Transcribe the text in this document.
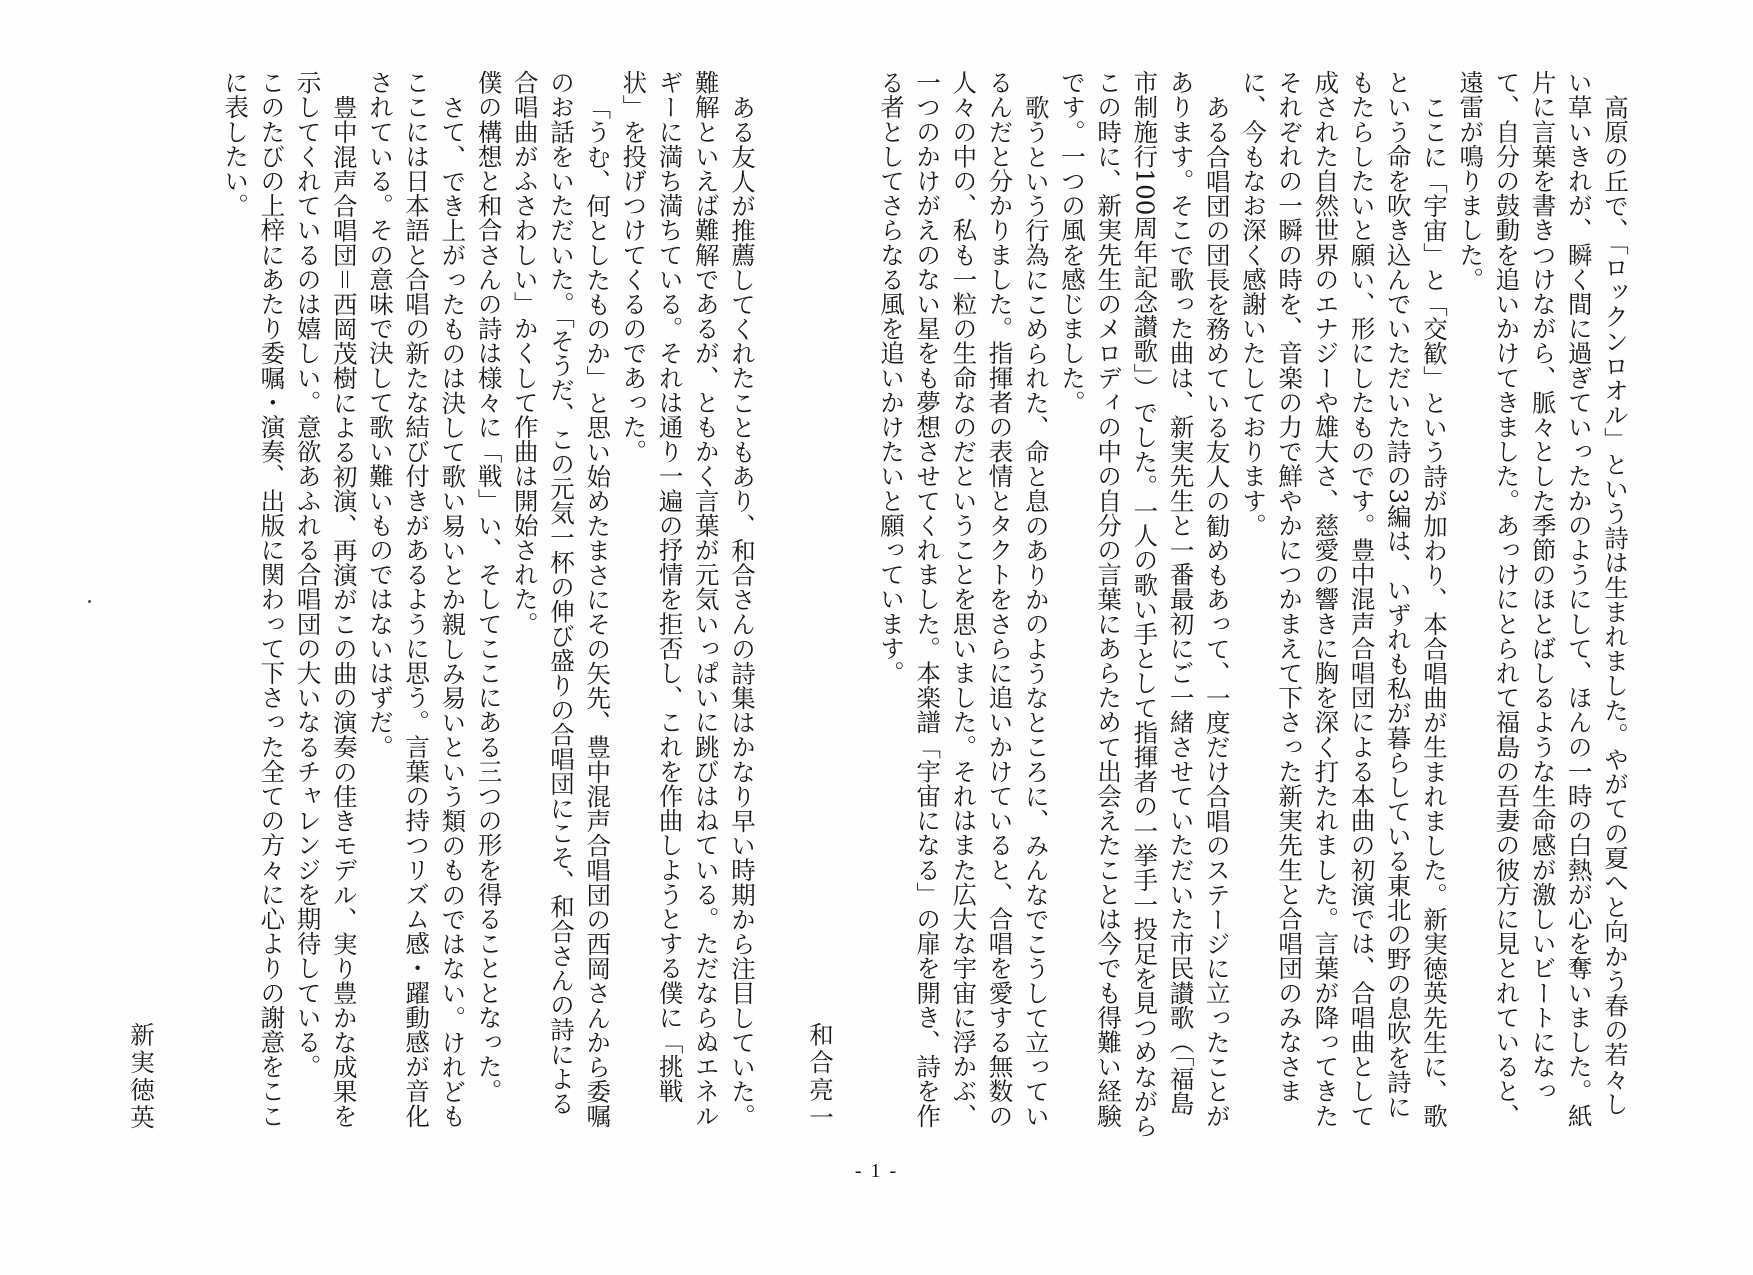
高原の丘で、「ロックンロオル」という詩は生まれました。やがての夏へと向かう春の若々しい草いきれが、瞬く間に過ぎていったかのようにして、ほんの一時の白熱が心を奪いました。紙片に言葉を書きつけながら、脈々とした季節のほとばしるような生命感が激しいビートになって、自分の鼓動を追いかけてきました。あっけにとられて福島の吾妻の彼方に見とれていると、遠雷が鳴りました。

ここに「宇宙」と「交歓」という詩が加わり、本合唱曲が生まれました。新実徳英先生に、歌という命を吹き込んでいただいた詩の3編は、いずれも私が暮らしている東北の野の息吹を詩にもたらしたいと願い、形にしたものです。豊中混声合唱団による本曲の初演では、合唱曲として成された自然世界のエナジーや雄大さ、慈愛の響きに胸を深く打たれました。言葉が降ってきたそれぞれの一瞬の時を、音楽の力で鮮やかにつかまえて下さった新実先生と合唱団のみなさまに、今もなお深く感謝いたしております。

ある合唱団の団長を務めている友人の勧めもあって、一度だけ合唱のステージに立ったことがあります。そこで歌った曲は、新実先生と一番最初にご一緒させていただいた市民讃歌（「福島市制施行100周年記念讃歌」）でした。一人の歌い手として指揮者の一挙手一投足を見つめながらこの時に、新実先生のメロディの中の自分の言葉にあらためて出会えたことは今でも得難い経験です。一つの風を感じました。

歌うという行為にこめられた、命と息のありかのようなところに、みんなでこうして立っているんだと分かりました。指揮者の表情とタクトをさらに追いかけていると、合唱を愛する無数の人々の中の、私も一粒の生命なのだということを思いました。それはまた広大な宇宙に浮かぶ、一つのかけがえのない星をも夢想させてくれました。本楽譜「宇宙になる」の扉を開き、詩を作る者としてさらなる風を追いかけたいと願っています。

和合亮一

ある友人が推薦してくれたこともあり、和合さんの詩集はかなり早い時期から注目していた。難解といえば難解であるが、ともかく言葉が元気いっぱいに跳びはねている。ただならぬエネルギーに満ち満ちている。それは通り一遍の抒情を拒否し、これを作曲しようとする僕に「挑戦状」を投げつけてくるのであった。

「うむ、何としたものか」と思い始めたまさにその矢先、豊中混声合唱団の西岡さんから委嘱のお話をいただいた。「そうだ、この元気一杯の伸び盛りの合唱団にこそ、和合さんの詩による合唱曲がふさわしい」かくして作曲は開始された。

僕の構想と和合さんの詩は様々に「戦」い、そしてここにある三つの形を得ることとなった。

さて、でき上がったものは決して歌い易いとか親しみ易いという類のものではない。けれどもここには日本語と合唱の新たな結び付きがあるように思う。言葉の持つリズム感・躍動感が音化されている。その意味で決して歌い難いものではないはずだ。

豊中混声合唱団＝西岡茂樹による初演、再演がこの曲の演奏の佳きモデル、実り豊かな成果を示してくれているのは嬉しい。意欲あふれる合唱団の大いなるチャレンジを期待している。

このたびの上梓にあたり委嘱・演奏、出版に関わって下さった全ての方々に心よりの謝意をここに表したい。

新実徳英
- 1 -
